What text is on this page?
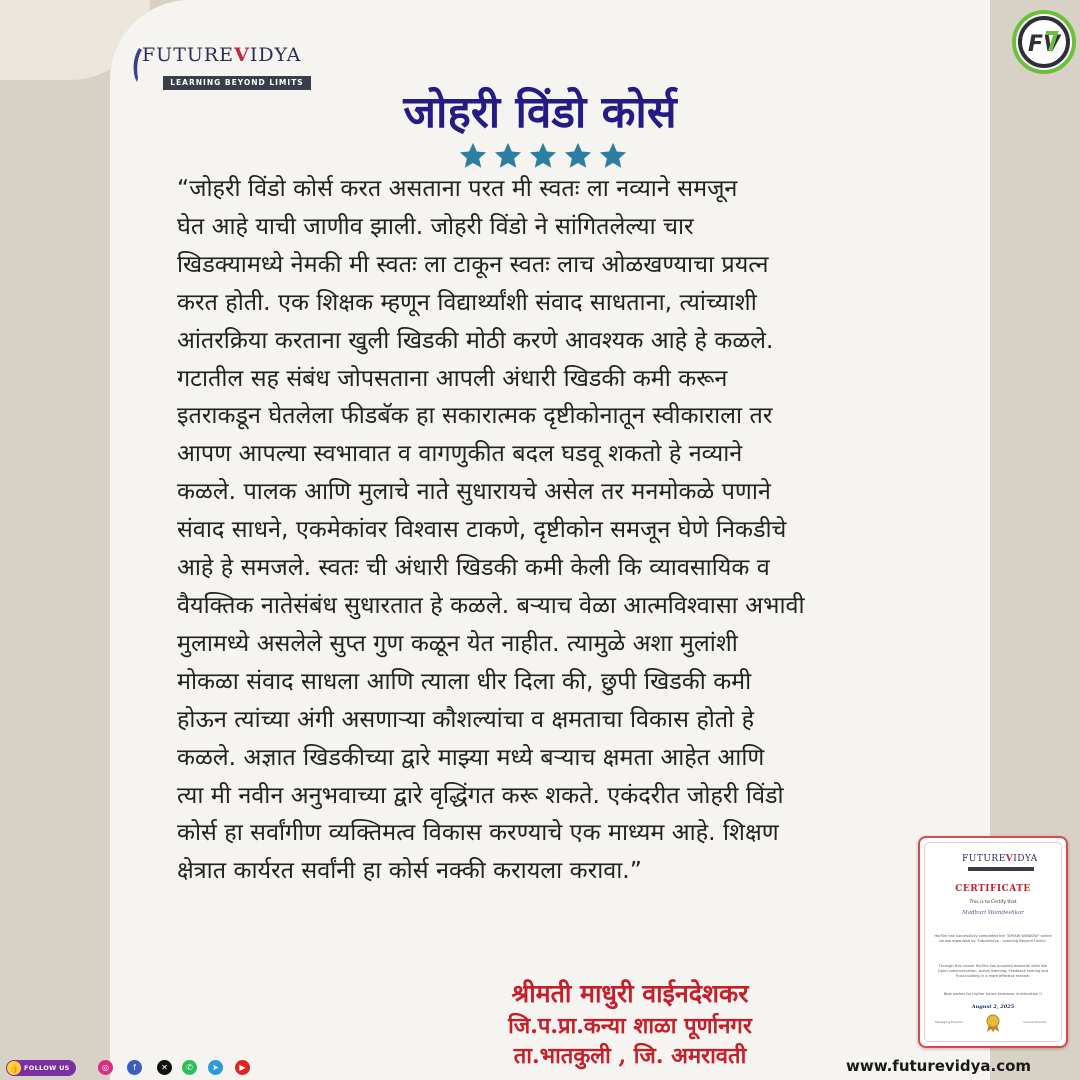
FUTUREVIDYA
LEARNING BEYOND LIMITS
FV
जोहरी विंडो कोर्स

“जोहरी विंडो कोर्स करत असताना परत मी स्वतः ला नव्याने समजून
घेत आहे याची जाणीव झाली. जोहरी विंडो ने सांगितलेल्या चार
खिडक्यामध्ये नेमकी मी स्वतः ला टाकून स्वतः लाच ओळखण्याचा प्रयत्न
करत होती. एक शिक्षक म्हणून विद्यार्थ्यांशी संवाद साधताना, त्यांच्याशी
आंतरक्रिया करताना खुली खिडकी मोठी करणे आवश्यक आहे हे कळले.
गटातील सह संबंध जोपसताना आपली अंधारी खिडकी कमी करून
इतराकडून घेतलेला फीडबॅक हा सकारात्मक दृष्टीकोनातून स्वीकाराला तर
आपण आपल्या स्वभावात व वागणुकीत बदल घडवू शकतो हे नव्याने
कळले. पालक आणि मुलाचे नाते सुधारायचे असेल तर मनमोकळे पणाने
संवाद साधने, एकमेकांवर विश्वास टाकणे, दृष्टीकोन समजून घेणे निकडीचे
आहे हे समजले. स्वतः ची अंधारी खिडकी कमी केली कि व्यावसायिक व
वैयक्तिक नातेसंबंध सुधारतात हे कळले. बऱ्याच वेळा आत्मविश्वासा अभावी
मुलामध्ये असलेले सुप्त गुण कळून येत नाहीत. त्यामुळे अशा मुलांशी
मोकळा संवाद साधला आणि त्याला धीर दिला की, छुपी खिडकी कमी
होऊन त्यांच्या अंगी असणाऱ्या कौशल्यांचा व क्षमताचा विकास होतो हे
कळले. अज्ञात खिडकीच्या द्वारे माझ्या मध्ये बऱ्याच क्षमता आहेत आणि
त्या मी नवीन अनुभवाच्या द्वारे वृद्धिंगत करू शकते. एकंदरीत जोहरी विंडो
कोर्स हा सर्वांगीण व्यक्तिमत्व विकास करण्याचे एक माध्यम आहे. शिक्षण
क्षेत्रात कार्यरत सर्वांनी हा कोर्स नक्की करायला करावा.”

श्रीमती माधुरी वाईनदेशकर
जि.प.प्रा.कन्या शाळा पूर्णानगर
ता.भातकुली , जि. अमरावती
FUTUREVIDYA
CERTIFICATE
This is to Certify that
Madhuri Waindeshkar
He/She has successfully completed the "JOHARI WINDOW" online course organized by 'Futurevidya - Learning Beyond Limits'.
Through this course He/She has acquired essential skills like Open communication, Active listening, Feedback sharing and Trust building in a more effective manner.
Best wishes for his/her future endeavor in education !!
August 2, 2025
Managing Director	Course Director
👍 FOLLOW US	◎	f	✕	✆	➤	▶	www.futurevidya.com
